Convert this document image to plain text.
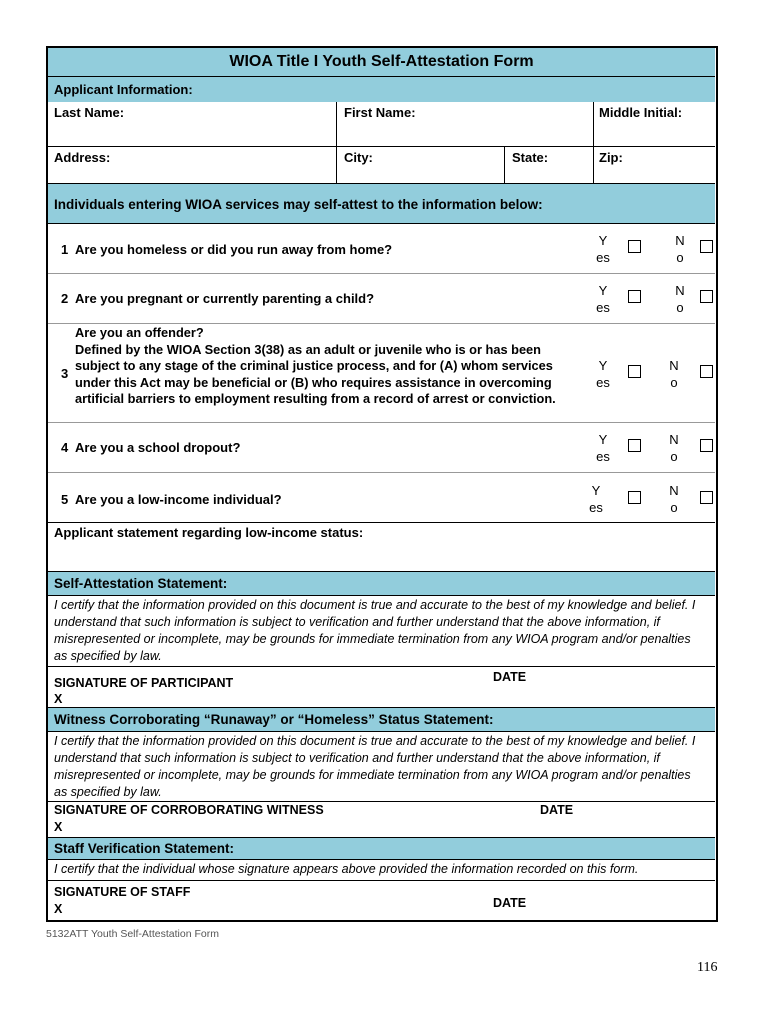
WIOA Title I Youth Self-Attestation Form
Applicant Information:
Last Name:	First Name:	Middle Initial:
Address:	City:	State:	Zip:
Individuals entering WIOA services may self-attest to the information below:
1 Are you homeless or did you run away from home?
Yes
No
2 Are you pregnant or currently parenting a child?
Yes
No
3
Are you an offender?
Defined by the WIOA Section 3(38) as an adult or juvenile who is or has been subject to any stage of the criminal justice process, and for (A) whom services under this Act may be beneficial or (B) who requires assistance in overcoming artificial barriers to employment resulting from a record of arrest or conviction.
Yes
No
4 Are you a school dropout?
Yes
No
5 Are you a low-income individual?
Yes
No
Applicant statement regarding low-income status:
Self-Attestation Statement:
I certify that the information provided on this document is true and accurate to the best of my knowledge and belief. I understand that such information is subject to verification and further understand that the above information, if misrepresented or incomplete, may be grounds for immediate termination from any WIOA program and/or penalties as specified by law.
SIGNATURE OF PARTICIPANT
X
DATE
Witness Corroborating “Runaway” or “Homeless” Status Statement:
I certify that the information provided on this document is true and accurate to the best of my knowledge and belief. I understand that such information is subject to verification and further understand that the above information, if misrepresented or incomplete, may be grounds for immediate termination from any WIOA program and/or penalties as specified by law.
SIGNATURE OF CORROBORATING WITNESS
X
DATE
Staff Verification Statement:
I certify that the individual whose signature appears above provided the information recorded on this form.
SIGNATURE OF STAFF
X	DATE
5132ATT Youth Self-Attestation Form
116
